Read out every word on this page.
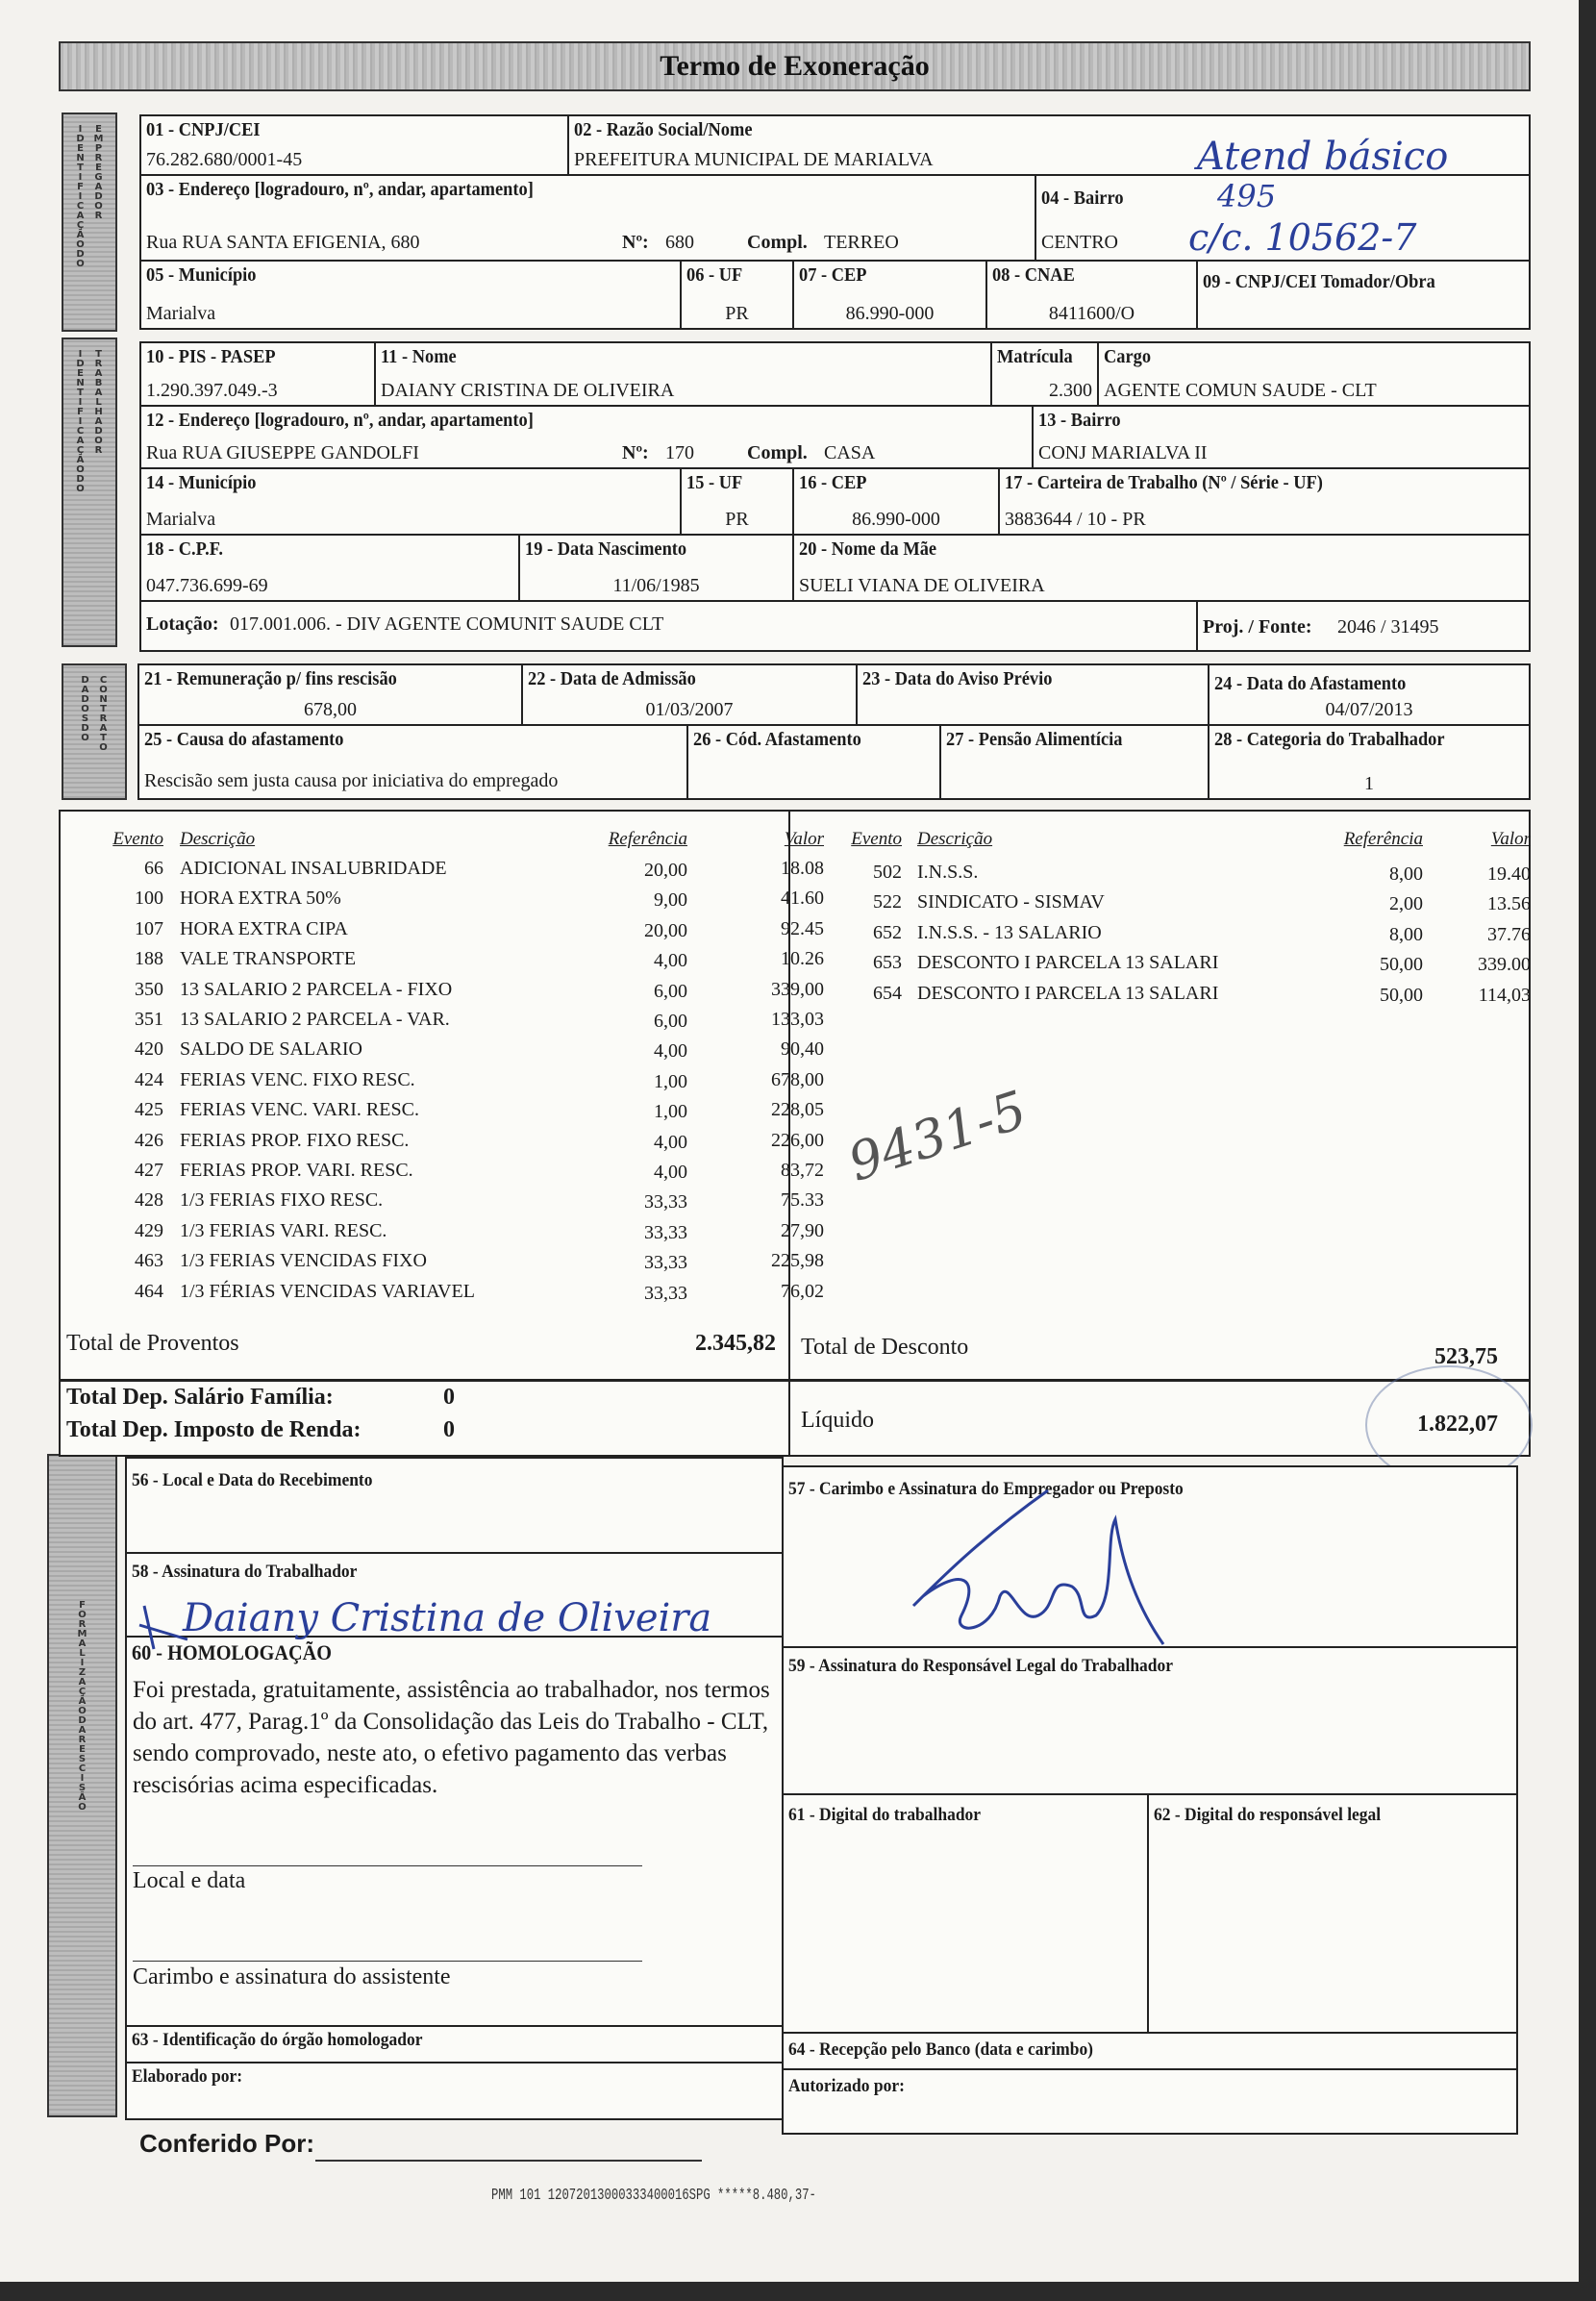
Termo de Exoneração
IDENTIFICAÇÃODO EMPREGADOR
IDENTIFICAÇÃODO TRABALHADOR
DADOSDO CONTRATO
FORMALIZAÇÃODARESCISÃO
01 - CNPJ/CEI
76.282.680/0001-45
02 - Razão Social/Nome
PREFEITURA MUNICIPAL DE MARIALVA
03 - Endereço [logradouro, nº, andar, apartamento]
Rua RUA SANTA EFIGENIA, 680	Nº: 680	Compl. TERREO
04 - Bairro
CENTRO
05 - Município
Marialva
06 - UF
PR
07 - CEP
86.990-000
08 - CNAE
8411600/O
09 - CNPJ/CEI Tomador/Obra
10 - PIS - PASEP
1.290.397.049.-3
11 - Nome
DAIANY CRISTINA DE OLIVEIRA
Matrícula
2.300
Cargo
AGENTE COMUN SAUDE - CLT
12 - Endereço [logradouro, nº, andar, apartamento]
Rua RUA GIUSEPPE GANDOLFI	Nº: 170	Compl. CASA
13 - Bairro
CONJ MARIALVA II
14 - Município
Marialva
15 - UF
PR
16 - CEP
86.990-000
17 - Carteira de Trabalho (Nº / Série - UF)
3883644 / 10 - PR
18 - C.P.F.
047.736.699-69
19 - Data Nascimento
11/06/1985
20 - Nome da Mãe
SUELI VIANA DE OLIVEIRA
Lotação: 017.001.006. - DIV AGENTE COMUNIT SAUDE CLT	Proj. / Fonte: 2046 / 31495
21 - Remuneração p/ fins rescisão
678,00
22 - Data de Admissão
01/03/2007
23 - Data do Aviso Prévio	24 - Data do Afastamento
04/07/2013
25 - Causa do afastamento
Rescisão sem justa causa por iniciativa do empregado
26 - Cód. Afastamento	27 - Pensão Alimentícia	28 - Categoria do Trabalhador
1
Evento Descrição	Referência	Valor Evento Descrição	Referência	Valor
66 ADICIONAL INSALUBRIDADE	20,00	18.08
100 HORA EXTRA 50%	9,00	41.60
107 HORA EXTRA CIPA	20,00	92.45
188 VALE TRANSPORTE	4,00	10.26
350 13 SALARIO 2 PARCELA - FIXO	6,00	339,00
351 13 SALARIO 2 PARCELA - VAR.	6,00	133,03
420 SALDO DE SALARIO	4,00	90,40
424 FERIAS VENC. FIXO RESC.	1,00	678,00
425 FERIAS VENC. VARI. RESC.	1,00	228,05
426 FERIAS PROP. FIXO RESC.	4,00	226,00
427 FERIAS PROP. VARI. RESC.	4,00	83,72
428 1/3 FERIAS FIXO RESC.	33,33	75.33
429 1/3 FERIAS VARI. RESC.	33,33	27,90
463 1/3 FERIAS VENCIDAS FIXO	33,33	225,98
464 1/3 FÉRIAS VENCIDAS VARIAVEL	33,33	76,02
502 I.N.S.S.	8,00	19.40
522 SINDICATO - SISMAV	2,00	13.56
652 I.N.S.S. - 13 SALARIO	8,00	37.76
653 DESCONTO I PARCELA 13 SALARI	50,00	339.00
654 DESCONTO I PARCELA 13 SALARI	50,00	114,03
Total de Proventos	2.345,82 Total de Desconto	523,75
Total Dep. Salário Família:	0
Total Dep. Imposto de Renda:	0	Líquido	1.822,07
56 - Local e Data do Recebimento
58 - Assinatura do Trabalhador
60 - HOMOLOGAÇÃO
Foi prestada, gratuitamente, assistência ao trabalhador, nos termos do art. 477, Parag.1º da Consolidação das Leis do Trabalho - CLT, sendo comprovado, neste ato, o efetivo pagamento das verbas rescisórias acima especificadas.
Local e data
Carimbo e assinatura do assistente
63 - Identificação do órgão homologador
Elaborado por:
57 - Carimbo e Assinatura do Empregador ou Preposto
59 - Assinatura do Responsável Legal do Trabalhador
61 - Digital do trabalhador	62 - Digital do responsável legal
64 - Recepção pelo Banco (data e carimbo)
Autorizado por:
Conferido Por:
PMM 101 12072013000333400016SPG *****8.480,37-
Atend básico
495
c/c. 10562-7
9431-5
Daiany Cristina de Oliveira
